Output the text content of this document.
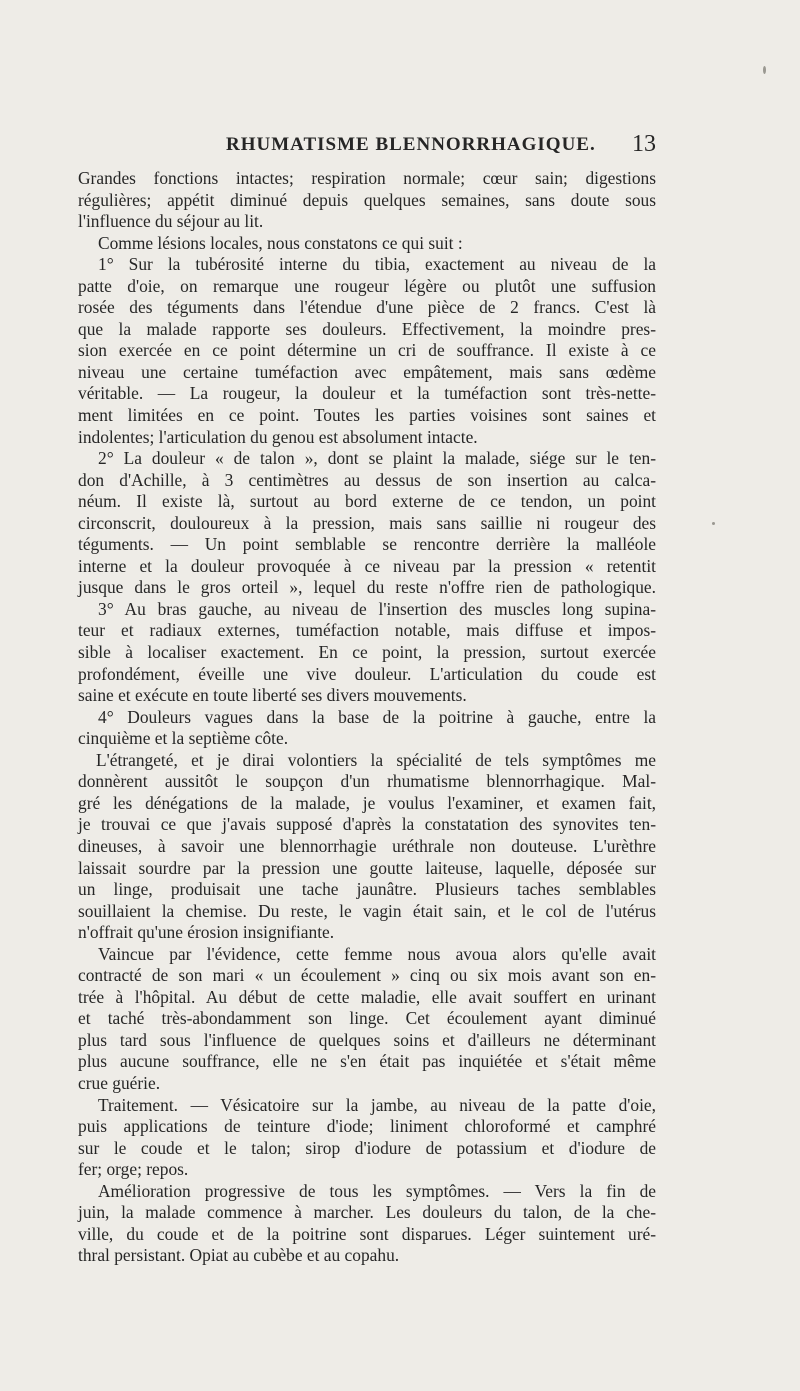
RHUMATISME BLENNORRHAGIQUE. 13
Grandes fonctions intactes; respiration normale; cœur sain; digestions
régulières; appétit diminué depuis quelques semaines, sans doute sous
l'influence du séjour au lit.
Comme lésions locales, nous constatons ce qui suit :
1° Sur la tubérosité interne du tibia, exactement au niveau de la
patte d'oie, on remarque une rougeur légère ou plutôt une suffusion
rosée des téguments dans l'étendue d'une pièce de 2 francs. C'est là
que la malade rapporte ses douleurs. Effectivement, la moindre pres-
sion exercée en ce point détermine un cri de souffrance. Il existe à ce
niveau une certaine tuméfaction avec empâtement, mais sans œdème
véritable. — La rougeur, la douleur et la tuméfaction sont très-nette-
ment limitées en ce point. Toutes les parties voisines sont saines et
indolentes; l'articulation du genou est absolument intacte.
2° La douleur « de talon », dont se plaint la malade, siége sur le ten-
don d'Achille, à 3 centimètres au dessus de son insertion au calca-
néum. Il existe là, surtout au bord externe de ce tendon, un point
circonscrit, douloureux à la pression, mais sans saillie ni rougeur des
téguments. — Un point semblable se rencontre derrière la malléole
interne et la douleur provoquée à ce niveau par la pression « retentit
jusque dans le gros orteil », lequel du reste n'offre rien de pathologique.
3° Au bras gauche, au niveau de l'insertion des muscles long supina-
teur et radiaux externes, tuméfaction notable, mais diffuse et impos-
sible à localiser exactement. En ce point, la pression, surtout exercée
profondément, éveille une vive douleur. L'articulation du coude est
saine et exécute en toute liberté ses divers mouvements.
4° Douleurs vagues dans la base de la poitrine à gauche, entre la
cinquième et la septième côte.
L'étrangeté, et je dirai volontiers la spécialité de tels symptômes me
donnèrent aussitôt le soupçon d'un rhumatisme blennorrhagique. Mal-
gré les dénégations de la malade, je voulus l'examiner, et examen fait,
je trouvai ce que j'avais supposé d'après la constatation des synovites ten-
dineuses, à savoir une blennorrhagie uréthrale non douteuse. L'urèthre
laissait sourdre par la pression une goutte laiteuse, laquelle, déposée sur
un linge, produisait une tache jaunâtre. Plusieurs taches semblables
souillaient la chemise. Du reste, le vagin était sain, et le col de l'utérus
n'offrait qu'une érosion insignifiante.
Vaincue par l'évidence, cette femme nous avoua alors qu'elle avait
contracté de son mari « un écoulement » cinq ou six mois avant son en-
trée à l'hôpital. Au début de cette maladie, elle avait souffert en urinant
et taché très-abondamment son linge. Cet écoulement ayant diminué
plus tard sous l'influence de quelques soins et d'ailleurs ne déterminant
plus aucune souffrance, elle ne s'en était pas inquiétée et s'était même
crue guérie.
Traitement. — Vésicatoire sur la jambe, au niveau de la patte d'oie,
puis applications de teinture d'iode; liniment chloroformé et camphré
sur le coude et le talon; sirop d'iodure de potassium et d'iodure de
fer; orge; repos.
Amélioration progressive de tous les symptômes. — Vers la fin de
juin, la malade commence à marcher. Les douleurs du talon, de la che-
ville, du coude et de la poitrine sont disparues. Léger suintement uré-
thral persistant. Opiat au cubèbe et au copahu.
